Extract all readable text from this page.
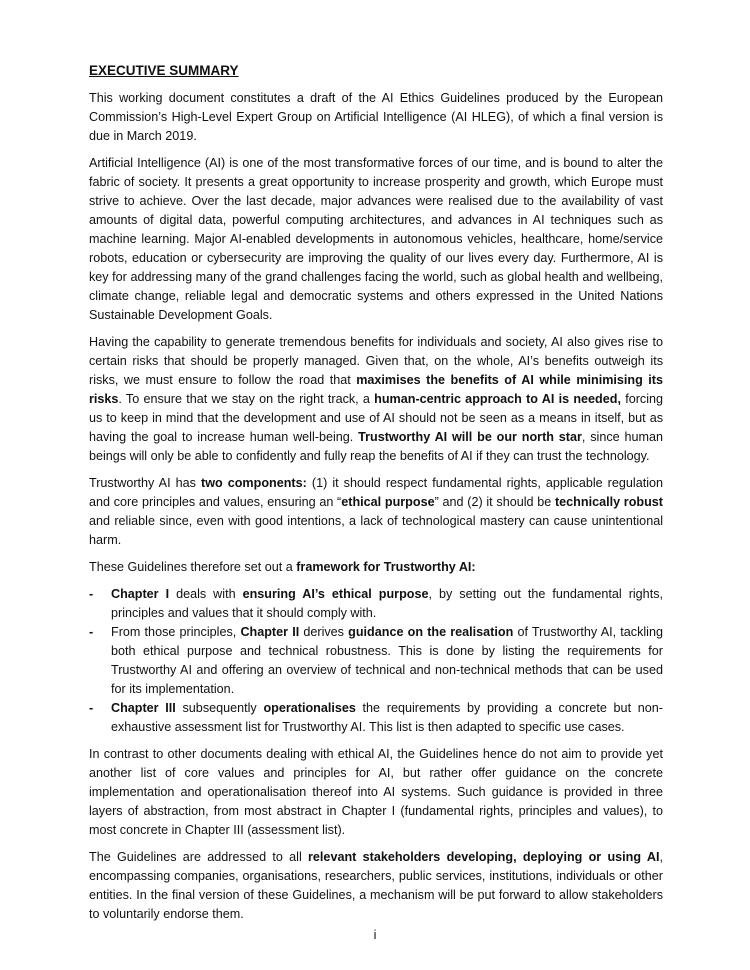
EXECUTIVE SUMMARY

This working document constitutes a draft of the AI Ethics Guidelines produced by the European Commission’s High-Level Expert Group on Artificial Intelligence (AI HLEG), of which a final version is due in March 2019.

Artificial Intelligence (AI) is one of the most transformative forces of our time, and is bound to alter the fabric of society. It presents a great opportunity to increase prosperity and growth, which Europe must strive to achieve. Over the last decade, major advances were realised due to the availability of vast amounts of digital data, powerful computing architectures, and advances in AI techniques such as machine learning. Major AI-enabled developments in autonomous vehicles, healthcare, home/service robots, education or cybersecurity are improving the quality of our lives every day. Furthermore, AI is key for addressing many of the grand challenges facing the world, such as global health and wellbeing, climate change, reliable legal and democratic systems and others expressed in the United Nations Sustainable Development Goals.

Having the capability to generate tremendous benefits for individuals and society, AI also gives rise to certain risks that should be properly managed. Given that, on the whole, AI’s benefits outweigh its risks, we must ensure to follow the road that maximises the benefits of AI while minimising its risks. To ensure that we stay on the right track, a human-centric approach to AI is needed, forcing us to keep in mind that the development and use of AI should not be seen as a means in itself, but as having the goal to increase human well-being. Trustworthy AI will be our north star, since human beings will only be able to confidently and fully reap the benefits of AI if they can trust the technology.

Trustworthy AI has two components: (1) it should respect fundamental rights, applicable regulation and core principles and values, ensuring an “ethical purpose” and (2) it should be technically robust and reliable since, even with good intentions, a lack of technological mastery can cause unintentional harm.

These Guidelines therefore set out a framework for Trustworthy AI:

- Chapter I deals with ensuring AI’s ethical purpose, by setting out the fundamental rights, principles and values that it should comply with.
- From those principles, Chapter II derives guidance on the realisation of Trustworthy AI, tackling both ethical purpose and technical robustness. This is done by listing the requirements for Trustworthy AI and offering an overview of technical and non-technical methods that can be used for its implementation.
- Chapter III subsequently operationalises the requirements by providing a concrete but non-exhaustive assessment list for Trustworthy AI. This list is then adapted to specific use cases.

In contrast to other documents dealing with ethical AI, the Guidelines hence do not aim to provide yet another list of core values and principles for AI, but rather offer guidance on the concrete implementation and operationalisation thereof into AI systems. Such guidance is provided in three layers of abstraction, from most abstract in Chapter I (fundamental rights, principles and values), to most concrete in Chapter III (assessment list).

The Guidelines are addressed to all relevant stakeholders developing, deploying or using AI, encompassing companies, organisations, researchers, public services, institutions, individuals or other entities. In the final version of these Guidelines, a mechanism will be put forward to allow stakeholders to voluntarily endorse them.

i
